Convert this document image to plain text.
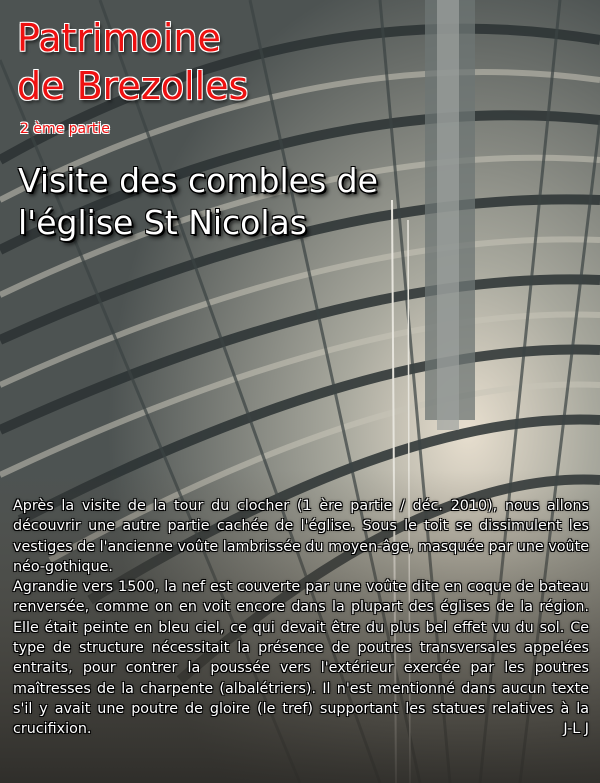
Patrimoine
de Brezolles
2 ème partie
Visite des combles de
l'église St Nicolas

Après la visite de la tour du clocher (1 ère partie / déc. 2010), nous allons découvrir une autre partie cachée de l'église. Sous le toit se dissimulent les vestiges de l'ancienne voûte lambrissée du moyen-âge, masquée par une voûte néo-gothique.

Agrandie vers 1500, la nef est couverte par une voûte dite en coque de bateau renversée, comme on en voit encore dans la plupart des églises de la région. Elle était peinte en bleu ciel, ce qui devait être du plus bel effet vu du sol. Ce type de structure nécessitait la présence de poutres transversales appelées entraits, pour contrer la poussée vers l'extérieur exercée par les poutres maîtresses de la charpente (albalétriers). Il n'est mentionné dans aucun texte s'il y avait une poutre de gloire (le tref) supportant les statues relatives à la crucifixion.	J-L J
